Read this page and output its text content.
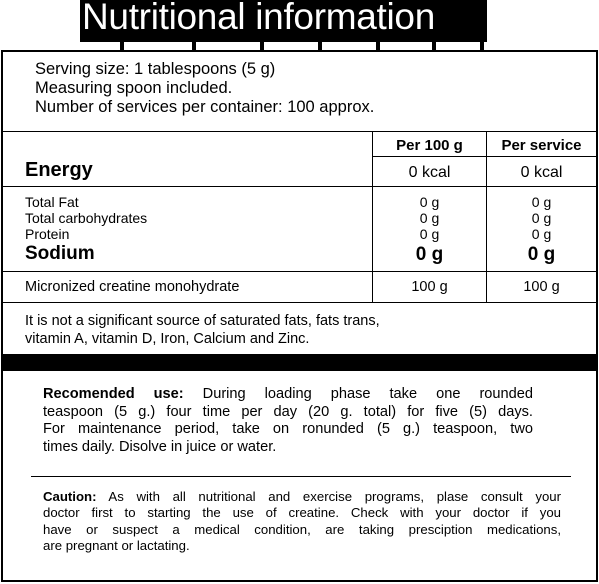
Nutritional information
Serving size: 1 tablespoons (5 g)
Measuring spoon included.
Number of services per container: 100 approx.
Per 100 g	Per service
Energy	0 kcal	0 kcal
Total Fat	0 g	0 g
Total carbohydrates	0 g	0 g
Protein	0 g	0 g
Sodium	0 g	0 g
Micronized creatine monohydrate	100 g	100 g
It is not a significant source of saturated fats, fats trans,
vitamin A, vitamin D, Iron, Calcium and Zinc.

Recomended use: During loading phase take one rounded

teaspoon (5 g.) four time per day (20 g. total) for five (5) days.

For maintenance period, take on ronunded (5 g.) teaspoon, two

times daily. Disolve in juice or water.

Caution: As with all nutritional and exercise programs, plase consult your

doctor first to starting the use of creatine. Check with your doctor if you

have or suspect a medical condition, are taking presciption medications,

are pregnant or lactating.
